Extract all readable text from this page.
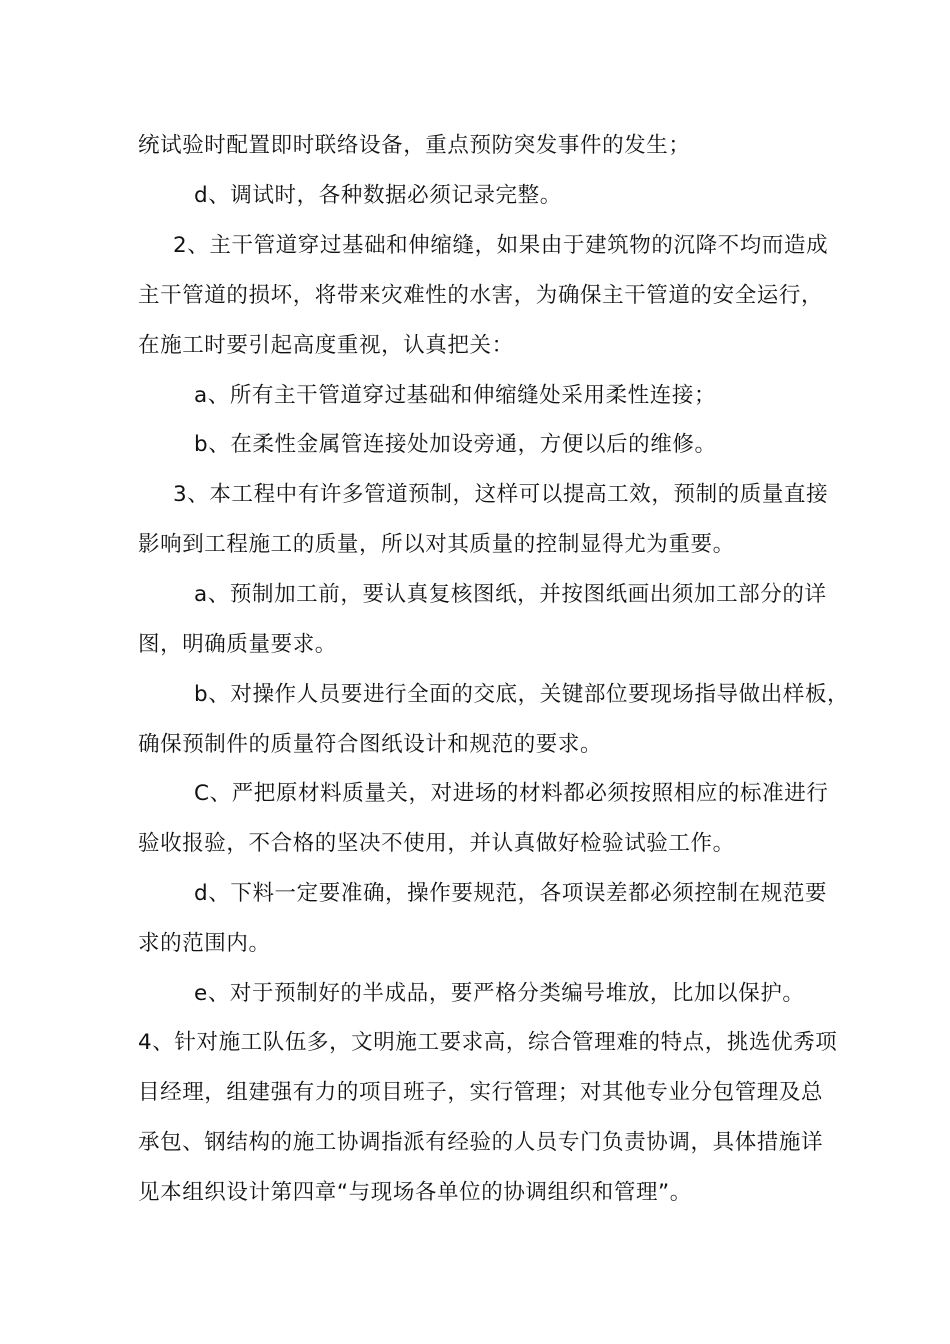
统试验时配置即时联络设备，重点预防突发事件的发生；
d、调试时，各种数据必须记录完整。
2、主干管道穿过基础和伸缩缝，如果由于建筑物的沉降不均而造成
主干管道的损坏，将带来灾难性的水害，为确保主干管道的安全运行，
在施工时要引起高度重视，认真把关：
a、所有主干管道穿过基础和伸缩缝处采用柔性连接；
b、在柔性金属管连接处加设旁通，方便以后的维修。
3、本工程中有许多管道预制，这样可以提高工效，预制的质量直接
影响到工程施工的质量，所以对其质量的控制显得尤为重要。
a、预制加工前，要认真复核图纸，并按图纸画出须加工部分的详
图，明确质量要求。
b、对操作人员要进行全面的交底，关键部位要现场指导做出样板，
确保预制件的质量符合图纸设计和规范的要求。
C、严把原材料质量关，对进场的材料都必须按照相应的标准进行
验收报验，不合格的坚决不使用，并认真做好检验试验工作。
d、下料一定要准确，操作要规范，各项误差都必须控制在规范要
求的范围内。
e、对于预制好的半成品，要严格分类编号堆放，比加以保护。
4、针对施工队伍多，文明施工要求高，综合管理难的特点，挑选优秀项
目经理，组建强有力的项目班子，实行管理；对其他专业分包管理及总
承包、钢结构的施工协调指派有经验的人员专门负责协调，具体措施详
见本组织设计第四章“与现场各单位的协调组织和管理”。
